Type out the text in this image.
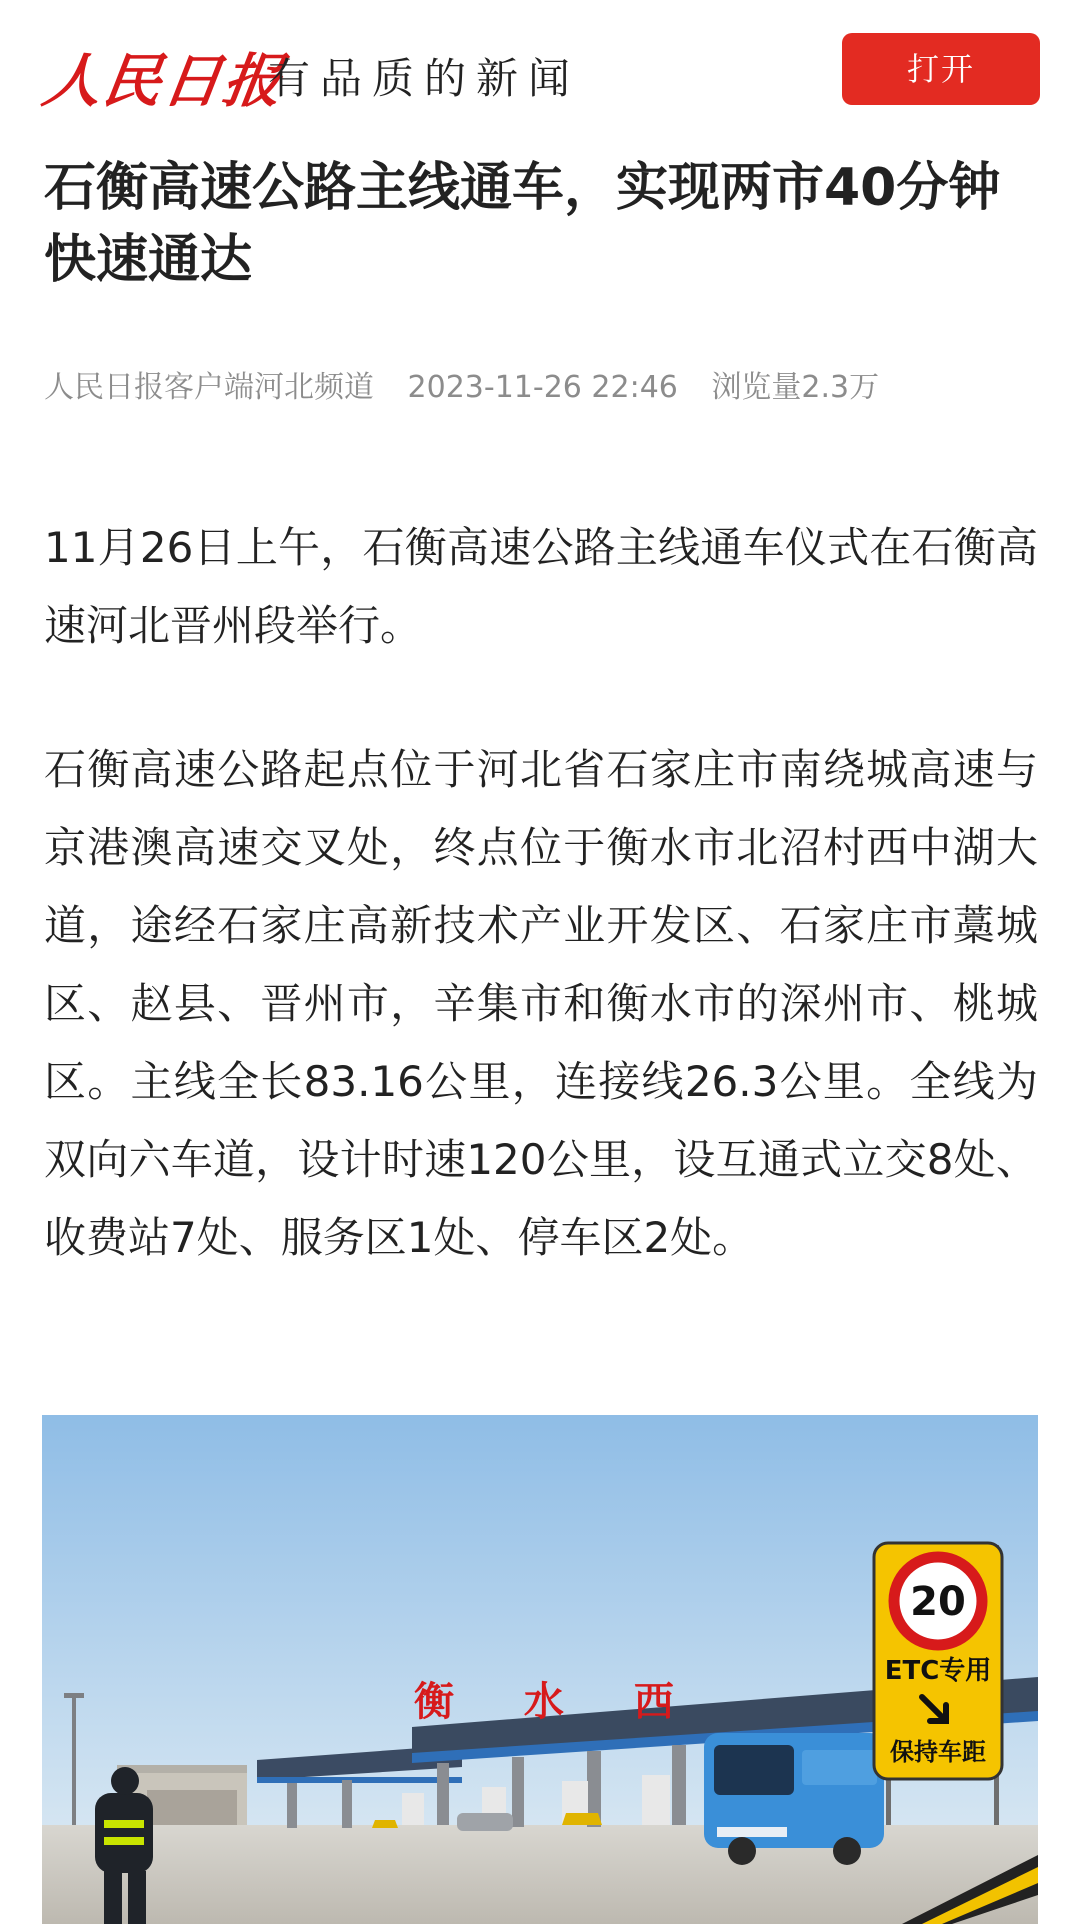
人民日报
有品质的新闻	打开
石衡高速公路主线通车，实现两市40分钟快速通达
人民日报客户端河北频道 2023-11-26 22:46 浏览量2.3万
11月26日上午，石衡高速公路主线通车仪式在石衡高速河北晋州段举行。
石衡高速公路起点位于河北省石家庄市南绕城高速与京港澳高速交叉处，终点位于衡水市北沼村西中湖大道，途经石家庄高新技术产业开发区、石家庄市藁城区、赵县、晋州市，辛集市和衡水市的深州市、桃城区。主线全长83.16公里，连接线26.3公里。全线为双向六车道，设计时速120公里，设互通式立交8处、收费站7处、服务区1处、停车区2处。
衡 水 西
20
ETC专用
保持车距
